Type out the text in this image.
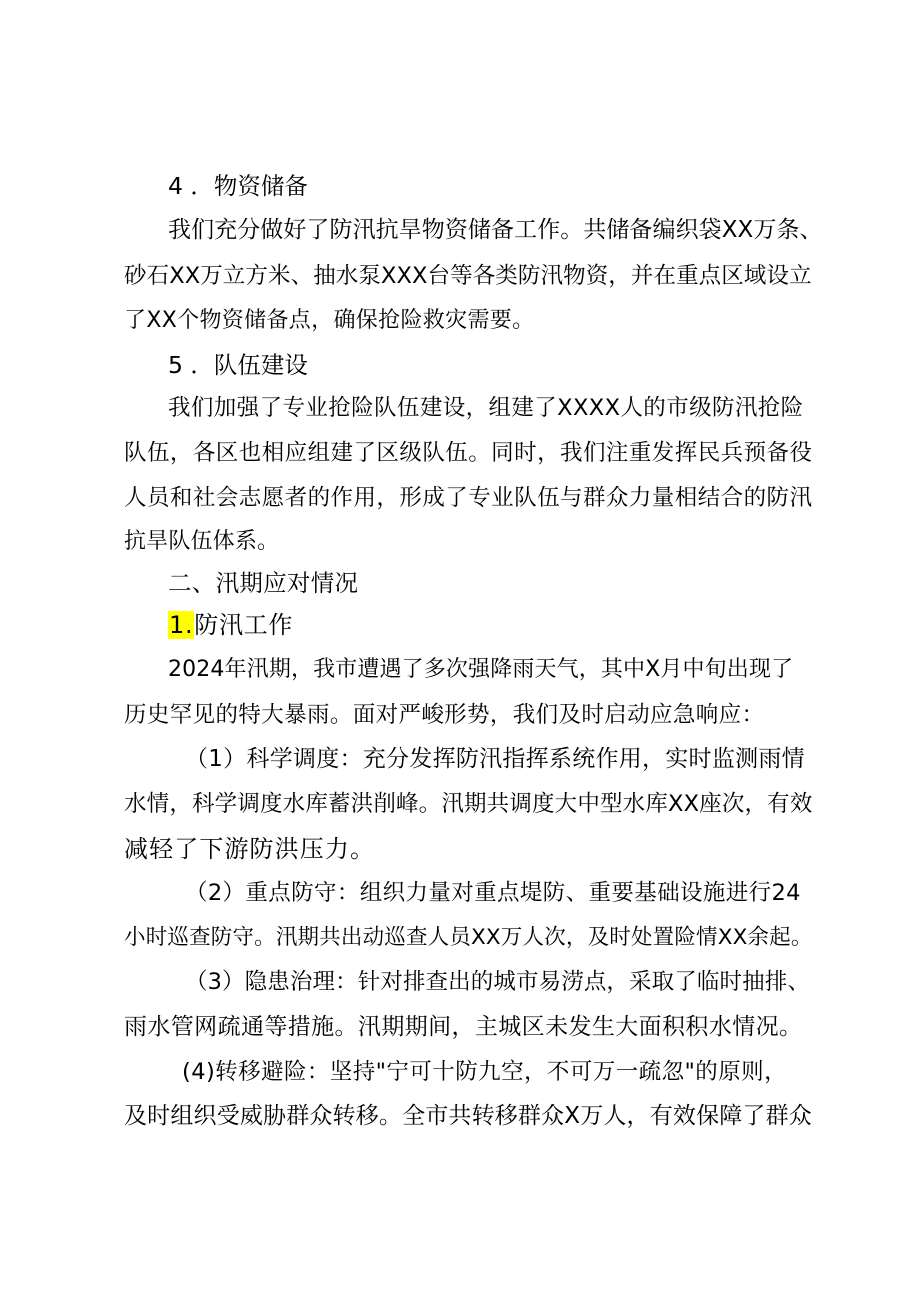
4 ．物资储备
我们充分做好了防汛抗旱物资储备工作。共储备编织袋XX万条、
砂石XX万立方米、抽水泵XXX台等各类防汛物资，并在重点区域设立
了XX个物资储备点，确保抢险救灾需要。
5 ．队伍建设
我们加强了专业抢险队伍建设，组建了XXXX人的市级防汛抢险
队伍，各区也相应组建了区级队伍。同时，我们注重发挥民兵预备役
人员和社会志愿者的作用，形成了专业队伍与群众力量相结合的防汛
抗旱队伍体系。
二、汛期应对情况
1.防汛工作
2024年汛期，我市遭遇了多次强降雨天气，其中X月中旬出现了
历史罕见的特大暴雨。面对严峻形势，我们及时启动应急响应：
（1）科学调度：充分发挥防汛指挥系统作用，实时监测雨情
水情，科学调度水库蓄洪削峰。汛期共调度大中型水库XX座次，有效
减轻了下游防洪压力。
（2）重点防守：组织力量对重点堤防、重要基础设施进行24
小时巡查防守。汛期共出动巡查人员XX万人次，及时处置险情XX余起。
（3）隐患治理：针对排查出的城市易涝点，采取了临时抽排、
雨水管网疏通等措施。汛期期间，主城区未发生大面积积水情况。
(4)转移避险：坚持"宁可十防九空，不可万一疏忽"的原则，
及时组织受威胁群众转移。全市共转移群众X万人，有效保障了群众
